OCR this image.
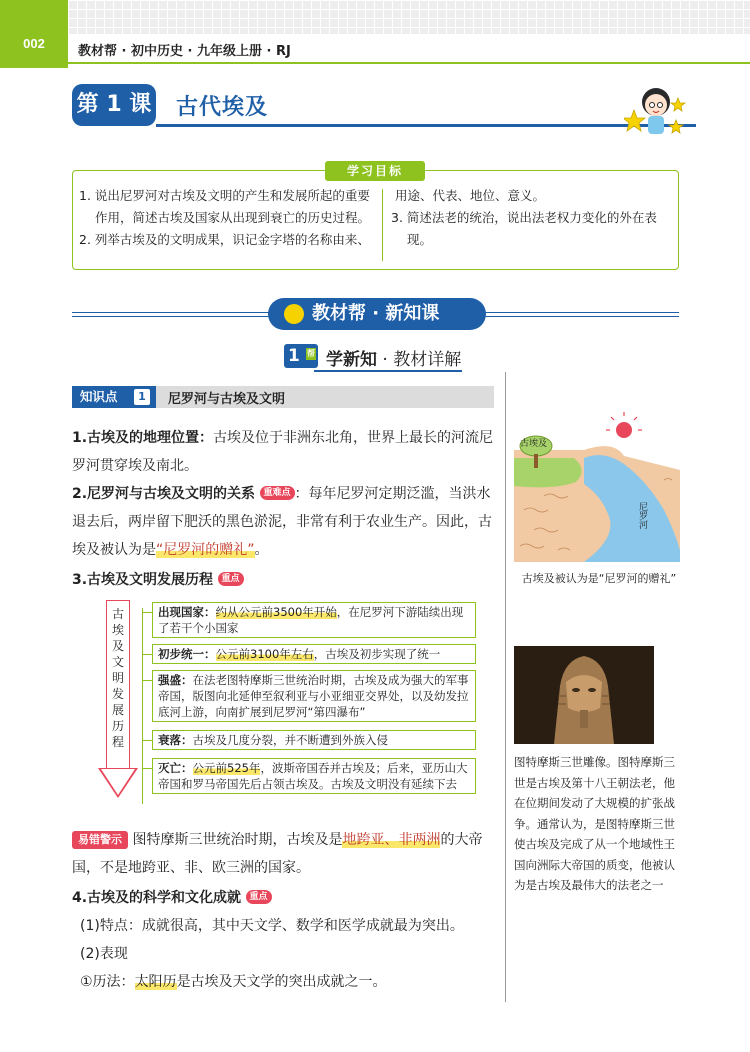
002
教材帮 · 初中历史 · 九年级上册 · RJ
第 1 课 古代埃及
学习目标
1. 说出尼罗河对古埃及文明的产生和发展所起的重要作用，简述古埃及国家从出现到衰亡的历史过程。
2. 列举古埃及的文明成果，识记金字塔的名称由来、
用途、代表、地位、意义。
3. 简述法老的统治，说出法老权力变化的外在表现。
教材帮 · 新知课
1 帮 学新知 · 教材详解
知识点	1	尼罗河与古埃及文明
1.古埃及的地理位置：古埃及位于非洲东北角，世界上最长的河流尼罗河贯穿埃及南北。
2.尼罗河与古埃及文明的关系 重难点 ：每年尼罗河定期泛滥，当洪水退去后，两岸留下肥沃的黑色淤泥，非常有利于农业生产。因此，古埃及被认为是“尼罗河的赠礼”。
3.古埃及文明发展历程 重点
古埃及文明发展历程
出现国家：约从公元前3500年开始，在尼罗河下游陆续出现了若干个小国家
初步统一：公元前3100年左右，古埃及初步实现了统一
强盛：在法老图特摩斯三世统治时期，古埃及成为强大的军事帝国，版图向北延伸至叙利亚与小亚细亚交界处，以及幼发拉底河上游，向南扩展到尼罗河“第四瀑布”
衰落：古埃及几度分裂，并不断遭到外族入侵
灭亡：公元前525年，波斯帝国吞并古埃及；后来，亚历山大帝国和罗马帝国先后占领古埃及。古埃及文明没有延续下去
易错警示 图特摩斯三世统治时期，古埃及是地跨亚、非两洲的大帝国，不是地跨亚、非、欧三洲的国家。
4.古埃及的科学和文化成就 重点
(1)特点：成就很高，其中天文学、数学和医学成就最为突出。
(2)表现
①历法：太阳历是古埃及天文学的突出成就之一。
古埃及
尼罗河
古埃及被认为是“尼罗河的赠礼”
图特摩斯三世雕像。图特摩斯三世是古埃及第十八王朝法老，他在位期间发动了大规模的扩张战争。通常认为，是图特摩斯三世使古埃及完成了从一个地域性王国向洲际大帝国的质变，他被认为是古埃及最伟大的法老之一
